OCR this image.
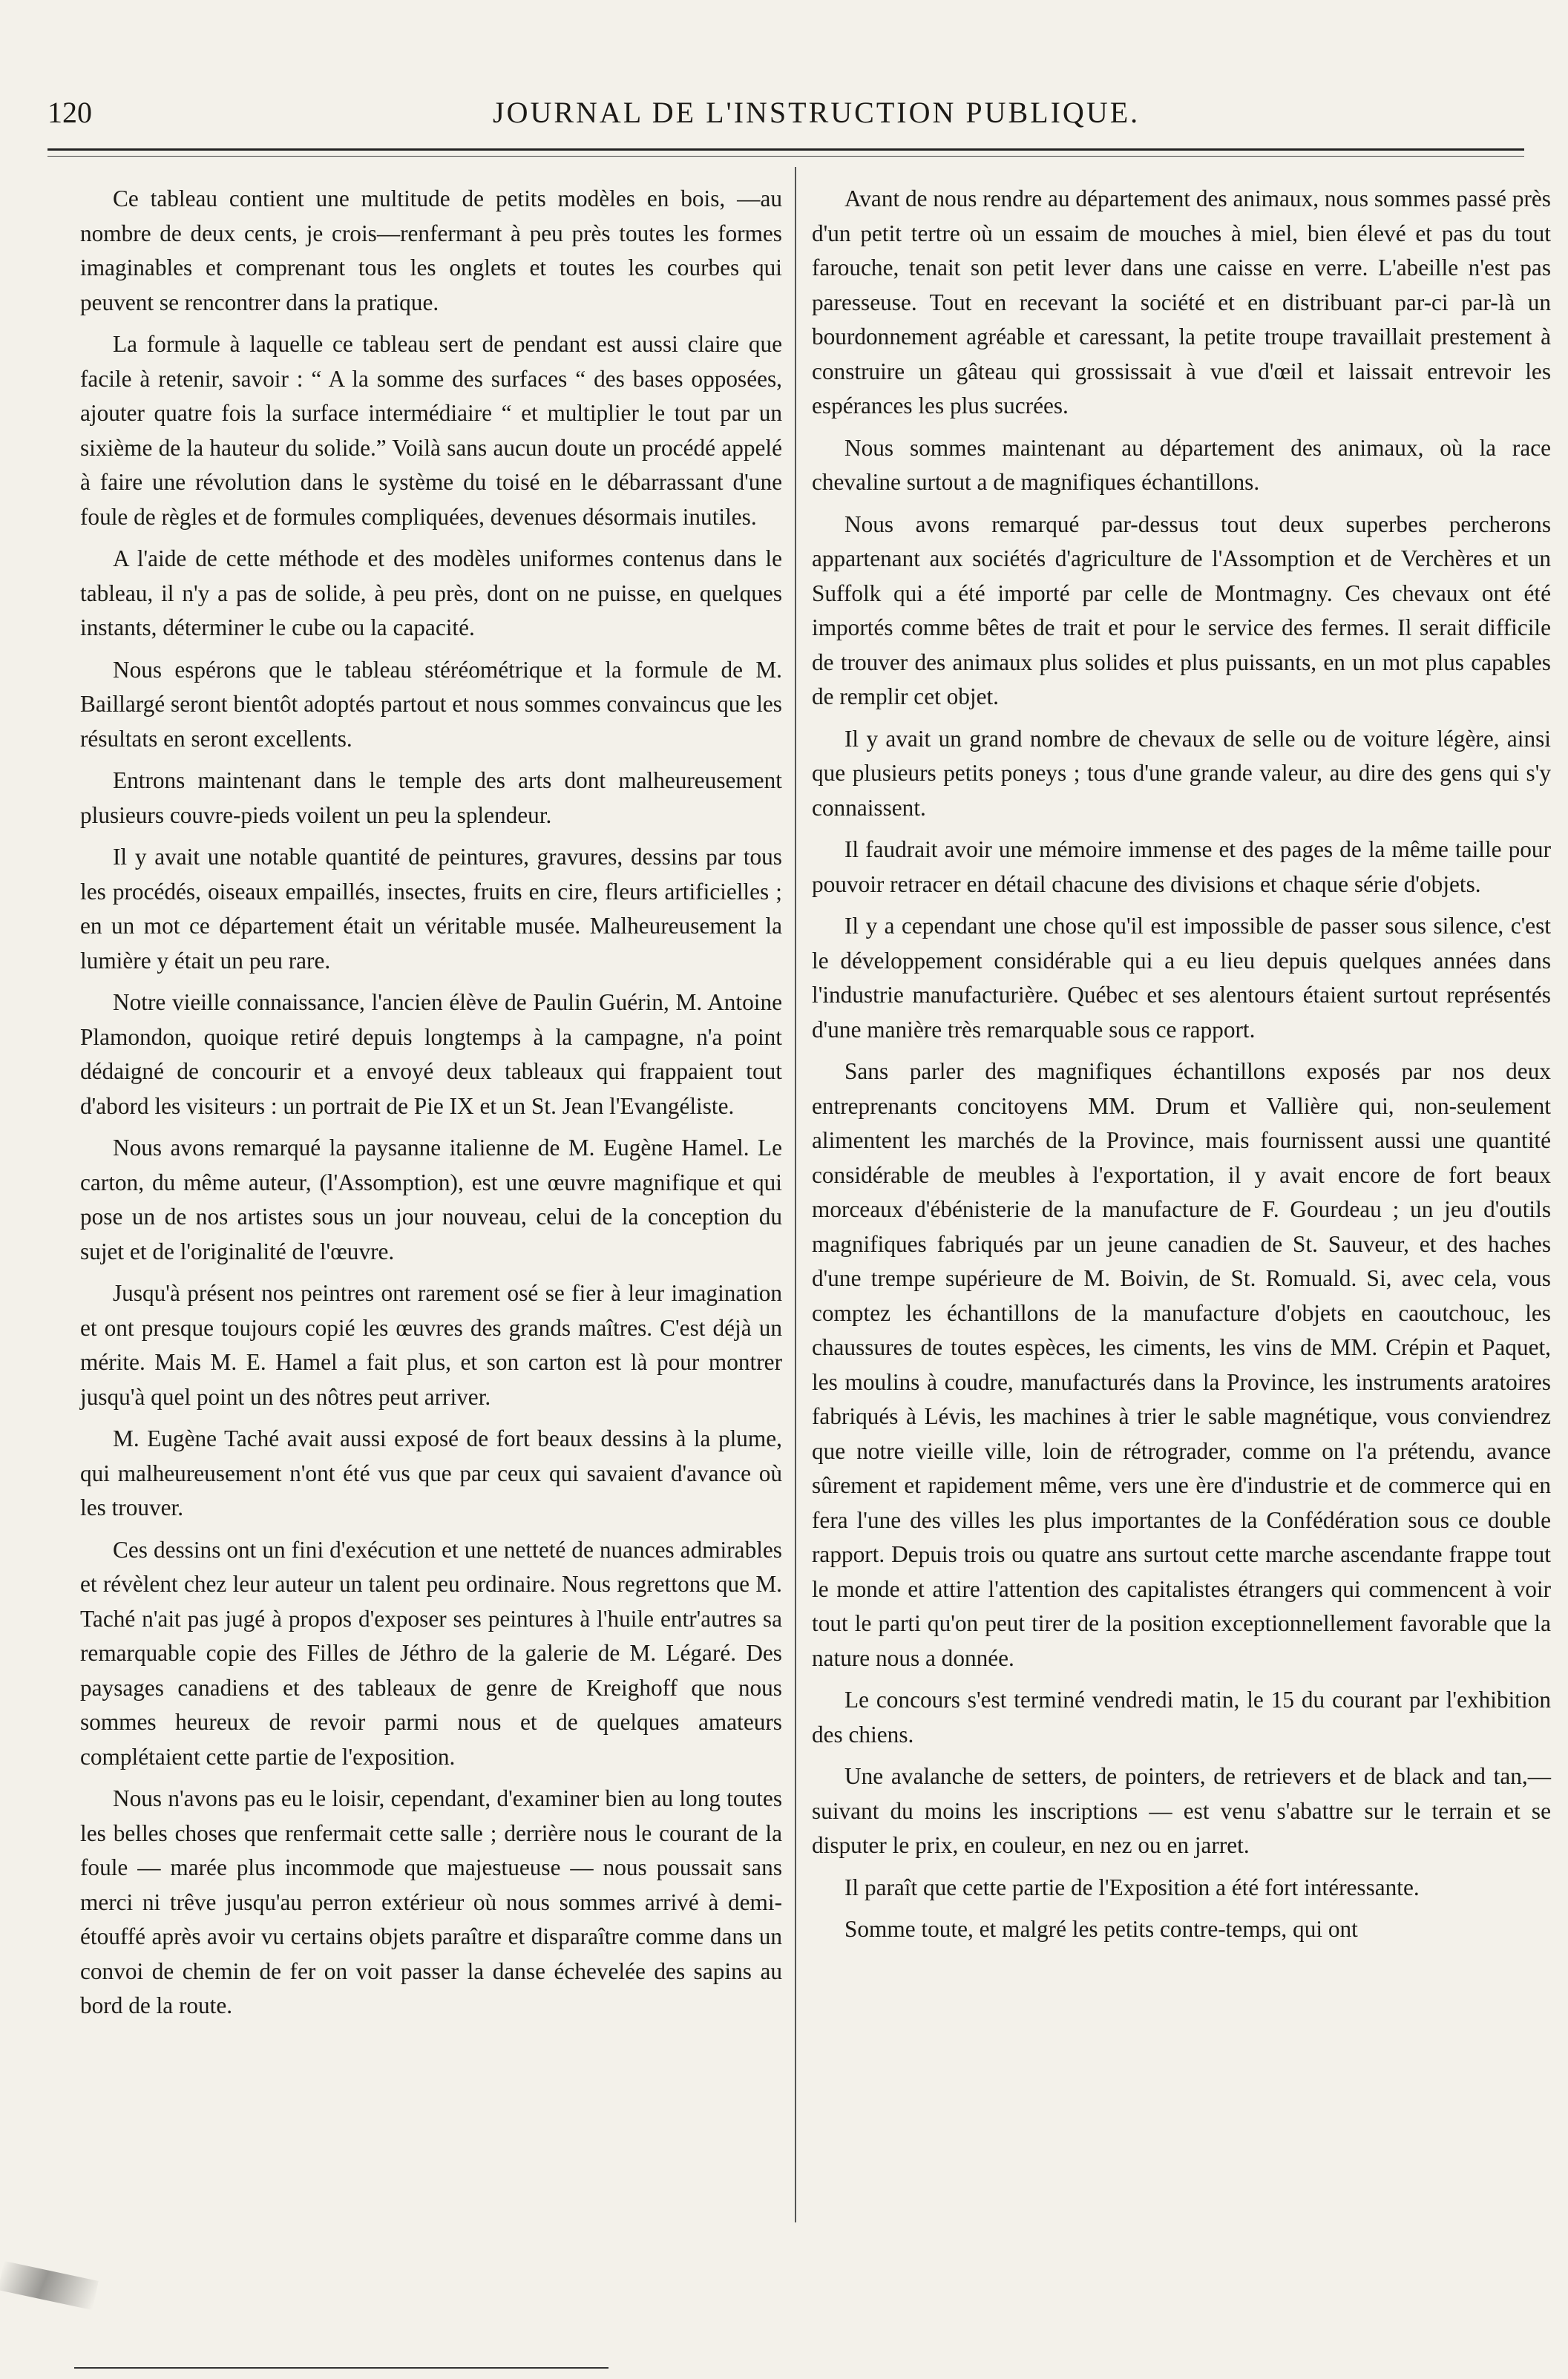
120	JOURNAL DE L'INSTRUCTION PUBLIQUE.

Ce tableau contient une multitude de petits modèles en bois, —au nombre de deux cents, je crois—renfermant à peu près toutes les formes imaginables et comprenant tous les onglets et toutes les courbes qui peuvent se rencontrer dans la pratique.

La formule à laquelle ce tableau sert de pendant est aussi claire que facile à retenir, savoir : “ A la somme des surfaces “ des bases opposées, ajouter quatre fois la surface intermédiaire “ et multiplier le tout par un sixième de la hauteur du solide.” Voilà sans aucun doute un procédé appelé à faire une révolution dans le système du toisé en le débarrassant d'une foule de règles et de formules compliquées, devenues désormais inutiles.

A l'aide de cette méthode et des modèles uniformes contenus dans le tableau, il n'y a pas de solide, à peu près, dont on ne puisse, en quelques instants, déterminer le cube ou la capacité.

Nous espérons que le tableau stéréométrique et la formule de M. Baillargé seront bientôt adoptés partout et nous sommes convaincus que les résultats en seront excellents.

Entrons maintenant dans le temple des arts dont malheureusement plusieurs couvre-pieds voilent un peu la splendeur.

Il y avait une notable quantité de peintures, gravures, dessins par tous les procédés, oiseaux empaillés, insectes, fruits en cire, fleurs artificielles ; en un mot ce département était un véritable musée. Malheureusement la lumière y était un peu rare.

Notre vieille connaissance, l'ancien élève de Paulin Guérin, M. Antoine Plamondon, quoique retiré depuis longtemps à la campagne, n'a point dédaigné de concourir et a envoyé deux tableaux qui frappaient tout d'abord les visiteurs : un portrait de Pie IX et un St. Jean l'Evangéliste.

Nous avons remarqué la paysanne italienne de M. Eugène Hamel. Le carton, du même auteur, (l'Assomption), est une œuvre magnifique et qui pose un de nos artistes sous un jour nouveau, celui de la conception du sujet et de l'originalité de l'œuvre.

Jusqu'à présent nos peintres ont rarement osé se fier à leur imagination et ont presque toujours copié les œuvres des grands maîtres. C'est déjà un mérite. Mais M. E. Hamel a fait plus, et son carton est là pour montrer jusqu'à quel point un des nôtres peut arriver.

M. Eugène Taché avait aussi exposé de fort beaux dessins à la plume, qui malheureusement n'ont été vus que par ceux qui savaient d'avance où les trouver.

Ces dessins ont un fini d'exécution et une netteté de nuances admirables et révèlent chez leur auteur un talent peu ordinaire. Nous regrettons que M. Taché n'ait pas jugé à propos d'exposer ses peintures à l'huile entr'autres sa remarquable copie des Filles de Jéthro de la galerie de M. Légaré. Des paysages canadiens et des tableaux de genre de Kreighoff que nous sommes heureux de revoir parmi nous et de quelques amateurs complétaient cette partie de l'exposition.

Nous n'avons pas eu le loisir, cependant, d'examiner bien au long toutes les belles choses que renfermait cette salle ; derrière nous le courant de la foule — marée plus incommode que majestueuse — nous poussait sans merci ni trêve jusqu'au perron extérieur où nous sommes arrivé à demi-étouffé après avoir vu certains objets paraître et disparaître comme dans un convoi de chemin de fer on voit passer la danse échevelée des sapins au bord de la route.

Avant de nous rendre au département des animaux, nous sommes passé près d'un petit tertre où un essaim de mouches à miel, bien élevé et pas du tout farouche, tenait son petit lever dans une caisse en verre. L'abeille n'est pas paresseuse. Tout en recevant la société et en distribuant par-ci par-là un bourdonnement agréable et caressant, la petite troupe travaillait prestement à construire un gâteau qui grossissait à vue d'œil et laissait entrevoir les espérances les plus sucrées.

Nous sommes maintenant au département des animaux, où la race chevaline surtout a de magnifiques échantillons.

Nous avons remarqué par-dessus tout deux superbes percherons appartenant aux sociétés d'agriculture de l'Assomption et de Verchères et un Suffolk qui a été importé par celle de Montmagny. Ces chevaux ont été importés comme bêtes de trait et pour le service des fermes. Il serait difficile de trouver des animaux plus solides et plus puissants, en un mot plus capables de remplir cet objet.

Il y avait un grand nombre de chevaux de selle ou de voiture légère, ainsi que plusieurs petits poneys ; tous d'une grande valeur, au dire des gens qui s'y connaissent.

Il faudrait avoir une mémoire immense et des pages de la même taille pour pouvoir retracer en détail chacune des divisions et chaque série d'objets.

Il y a cependant une chose qu'il est impossible de passer sous silence, c'est le développement considérable qui a eu lieu depuis quelques années dans l'industrie manufacturière. Québec et ses alentours étaient surtout représentés d'une manière très remarquable sous ce rapport.

Sans parler des magnifiques échantillons exposés par nos deux entreprenants concitoyens MM. Drum et Vallière qui, non-seulement alimentent les marchés de la Province, mais fournissent aussi une quantité considérable de meubles à l'exportation, il y avait encore de fort beaux morceaux d'ébénisterie de la manufacture de F. Gourdeau ; un jeu d'outils magnifiques fabriqués par un jeune canadien de St. Sauveur, et des haches d'une trempe supérieure de M. Boivin, de St. Romuald. Si, avec cela, vous comptez les échantillons de la manufacture d'objets en caoutchouc, les chaussures de toutes espèces, les ciments, les vins de MM. Crépin et Paquet, les moulins à coudre, manufacturés dans la Province, les instruments aratoires fabriqués à Lévis, les machines à trier le sable magnétique, vous conviendrez que notre vieille ville, loin de rétrograder, comme on l'a prétendu, avance sûrement et rapidement même, vers une ère d'industrie et de commerce qui en fera l'une des villes les plus importantes de la Confédération sous ce double rapport. Depuis trois ou quatre ans surtout cette marche ascendante frappe tout le monde et attire l'attention des capitalistes étrangers qui commencent à voir tout le parti qu'on peut tirer de la position exceptionnellement favorable que la nature nous a donnée.

Le concours s'est terminé vendredi matin, le 15 du courant par l'exhibition des chiens.

Une avalanche de setters, de pointers, de retrievers et de black and tan,—suivant du moins les inscriptions — est venu s'abattre sur le terrain et se disputer le prix, en couleur, en nez ou en jarret.

Il paraît que cette partie de l'Exposition a été fort intéressante.

Somme toute, et malgré les petits contre-temps, qui ont
